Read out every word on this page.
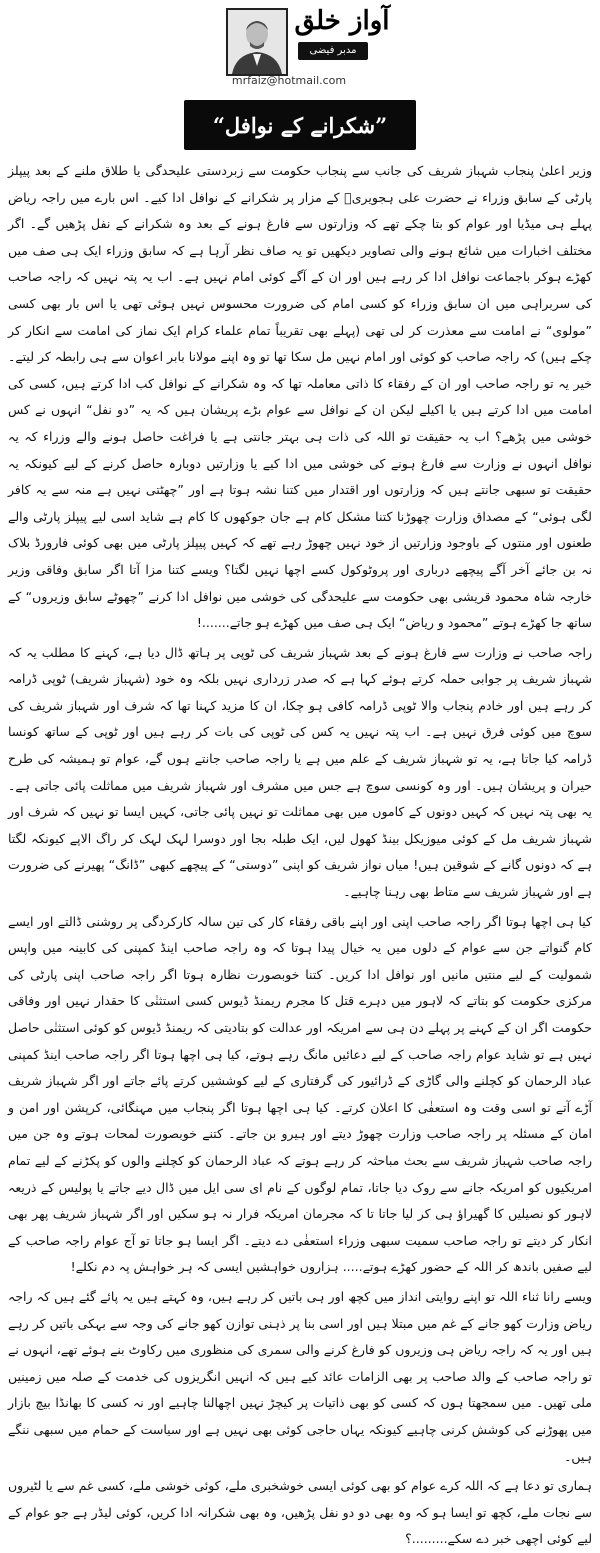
آواز خلق
مدبر فیضی
mrfaiz@hotmail.com
”شکرانے کے نوافل“

وزیر اعلیٰ پنجاب شہباز شریف کی جانب سے پنجاب حکومت سے زبردستی علیحدگی یا طلاق ملنے کے بعد پیپلز پارٹی کے سابق وزراء نے حضرت علی ہجویریؒ کے مزار پر شکرانے کے نوافل ادا کیے۔ اس بارے میں راجہ ریاض پہلے ہی میڈیا اور عوام کو بتا چکے تھے کہ وزارتوں سے فارغ ہونے کے بعد وہ شکرانے کے نفل پڑھیں گے۔ اگر مختلف اخبارات میں شائع ہونے والی تصاویر دیکھیں تو یہ صاف نظر آرہا ہے کہ سابق وزراء ایک ہی صف میں کھڑے ہوکر باجماعت نوافل ادا کر رہے ہیں اور ان کے آگے کوئی امام نہیں ہے۔ اب یہ پتہ نہیں کہ راجہ صاحب کی سربراہی میں ان سابق وزراء کو کسی امام کی ضرورت محسوس نہیں ہوئی تھی یا اس بار بھی کسی ”مولوی“ نے امامت سے معذرت کر لی تھی (پہلے بھی تقریباً تمام علماء کرام ایک نماز کی امامت سے انکار کر چکے ہیں) کہ راجہ صاحب کو کوئی اور امام نہیں مل سکا تھا تو وہ اپنے مولانا بابر اعوان سے ہی رابطہ کر لیتے۔ خیر یہ تو راجہ صاحب اور ان کے رفقاء کا ذاتی معاملہ تھا کہ وہ شکرانے کے نوافل کب ادا کرتے ہیں، کسی کی امامت میں ادا کرتے ہیں یا اکیلے لیکن ان کے نوافل سے عوام بڑے پریشان ہیں کہ یہ ”دو نفل“ انہوں نے کس خوشی میں پڑھے؟ اب یہ حقیقت تو اللہ کی ذات ہی بہتر جانتی ہے یا فراغت حاصل ہونے والے وزراء کہ یہ نوافل انہوں نے وزارت سے فارغ ہونے کی خوشی میں ادا کیے یا وزارتیں دوبارہ حاصل کرنے کے لیے کیونکہ یہ حقیقت تو سبھی جانتے ہیں کہ وزارتوں اور اقتدار میں کتنا نشہ ہوتا ہے اور ”چھٹتی نہیں ہے منہ سے یہ کافر لگی ہوئی“ کے مصداق وزارت چھوڑنا کتنا مشکل کام ہے جان جوکھوں کا کام ہے شاید اسی لیے پیپلز پارٹی والے طعنوں اور منتوں کے باوجود وزارتیں از خود نہیں چھوڑ رہے تھے کہ کہیں پیپلز پارٹی میں بھی کوئی فارورڈ بلاک نہ بن جائے آخر آگے پیچھے درباری اور پروٹوکول کسے اچھا نہیں لگتا؟ ویسے کتنا مزا آتا اگر سابق وفاقی وزیر خارجہ شاہ محمود قریشی بھی حکومت سے علیحدگی کی خوشی میں نوافل ادا کرنے ”چھوٹے سابق وزیروں“ کے ساتھ جا کھڑے ہوتے ”محمود و ریاض“ ایک ہی صف میں کھڑے ہو جاتے.......!

راجہ صاحب نے وزارت سے فارغ ہونے کے بعد شہباز شریف کی ٹوپی پر ہاتھ ڈال دیا ہے، کہنے کا مطلب یہ کہ شہباز شریف پر جوابی حملہ کرتے ہوئے کہا ہے کہ صدر زرداری نہیں بلکہ وہ خود (شہباز شریف) ٹوپی ڈرامہ کر رہے ہیں اور خادم پنجاب والا ٹوپی ڈرامہ کافی ہو چکا، ان کا مزید کہنا تھا کہ شرف اور شہباز شریف کی سوچ میں کوئی فرق نہیں ہے۔ اب پتہ نہیں یہ کس کی ٹوپی کی بات کر رہے ہیں اور ٹوپی کے ساتھ کونسا ڈرامہ کیا جاتا ہے، یہ تو شہباز شریف کے علم میں ہے یا راجہ صاحب جانتے ہوں گے، عوام تو ہمیشہ کی طرح حیران و پریشان ہیں۔ اور وہ کونسی سوچ ہے جس میں مشرف اور شہباز شریف میں مماثلت پائی جاتی ہے۔ یہ بھی پتہ نہیں کہ کہیں دونوں کے کاموں میں بھی مماثلت تو نہیں پائی جاتی، کہیں ایسا تو نہیں کہ شرف اور شہباز شریف مل کے کوئی میوزیکل بینڈ کھول لیں، ایک طبلہ بجا اور دوسرا لہک لہک کر راگ الاپے کیونکہ لگتا ہے کہ دونوں گانے کے شوقین ہیں! میاں نواز شریف کو اپنی ”دوستی“ کے پیچھے کبھی ”ڈانگ“ پھیرنے کی ضرورت ہے اور شہباز شریف سے متاط بھی رہنا چاہیے۔

کیا ہی اچھا ہوتا اگر راجہ صاحب اپنی اور اپنے باقی رفقاء کار کی تین سالہ کارکردگی پر روشنی ڈالتے اور ایسے کام گنواتے جن سے عوام کے دلوں میں یہ خیال پیدا ہوتا کہ وہ راجہ صاحب اینڈ کمپنی کی کابینہ میں واپس شمولیت کے لیے منتیں مانیں اور نوافل ادا کریں۔ کتنا خوبصورت نظارہ ہوتا اگر راجہ صاحب اپنی پارٹی کی مرکزی حکومت کو بتاتے کہ لاہور میں دہرے قتل کا مجرم ریمنڈ ڈیوس کسی استثنٰی کا حقدار نہیں اور وفاقی حکومت اگر ان کے کہنے پر پہلے دن ہی سے امریکہ اور عدالت کو بتادیتی کہ ریمنڈ ڈیوس کو کوئی استثنٰی حاصل نہیں ہے تو شاید عوام راجہ صاحب کے لیے دعائیں مانگ رہے ہوتے، کیا ہی اچھا ہوتا اگر راجہ صاحب اینڈ کمپنی عباد الرحمان کو کچلنے والی گاڑی کے ڈرائیور کی گرفتاری کے لیے کوششیں کرتے پائے جاتے اور اگر شہباز شریف آڑے آتے تو اسی وقت وہ استعفٰی کا اعلان کرتے۔ کیا ہی اچھا ہوتا اگر پنجاب میں مہنگائی، کرپشن اور امن و امان کے مسئلہ پر راجہ صاحب وزارت چھوڑ دیتے اور ہیرو بن جاتے۔ کتنے خوبصورت لمحات ہوتے وہ جن میں راجہ صاحب شہباز شریف سے بحث مباحثہ کر رہے ہوتے کہ عباد الرحمان کو کچلنے والوں کو پکڑنے کے لیے تمام امریکیوں کو امریکہ جانے سے روک دیا جاتا، تمام لوگوں کے نام ای سی ایل میں ڈال دیے جاتے یا پولیس کے ذریعہ لاہور کو نصیلیں کا گھیراؤ ہی کر لیا جاتا تا کہ مجرمان امریکہ فرار نہ ہو سکیں اور اگر شہباز شریف پھر بھی انکار کر دیتے تو راجہ صاحب سمیت سبھی وزراء استعفٰی دے دیتے۔ اگر ایسا ہو جاتا تو آج عوام راجہ صاحب کے لیے صفیں باندھ کر اللہ کے حضور کھڑے ہوتے..... ہزاروں خواہشیں ایسی کہ ہر خواہش پہ دم نکلے!

ویسے رانا ثناء اللہ تو اپنے روایتی انداز میں کچھ اور ہی باتیں کر رہے ہیں، وہ کہتے ہیں یہ پائے گئے ہیں کہ راجہ ریاض وزارت کھو جانے کے غم میں مبتلا ہیں اور اسی بنا پر ذہنی توازن کھو جانے کی وجہ سے بہکی باتیں کر رہے ہیں اور یہ کہ راجہ ریاض ہی وزیروں کو فارغ کرنے والی سمری کی منظوری میں رکاوٹ بنے ہوئے تھے، انہوں نے تو راجہ صاحب کے والد صاحب پر بھی الزامات عائد کیے ہیں کہ انہیں انگریزوں کی خدمت کے صلہ میں زمینیں ملی تھیں۔ میں سمجھتا ہوں کہ کسی کو بھی ذاتیات پر کیچڑ نہیں اچھالنا چاہیے اور نہ کسی کا بھانڈا بیچ بازار میں پھوڑنے کی کوشش کرنی چاہیے کیونکہ یہاں حاجی کوئی بھی نہیں ہے اور سیاست کے حمام میں سبھی ننگے ہیں۔

ہماری تو دعا ہے کہ اللہ کرے عوام کو بھی کوئی ایسی خوشخبری ملے، کوئی خوشی ملے، کسی غم سے یا لٹیروں سے نجات ملے، کچھ تو ایسا ہو کہ وہ بھی دو دو نفل پڑھیں، وہ بھی شکرانہ ادا کریں، کوئی لیڈر ہے جو عوام کے لیے کوئی اچھی خبر دے سکے.........؟
